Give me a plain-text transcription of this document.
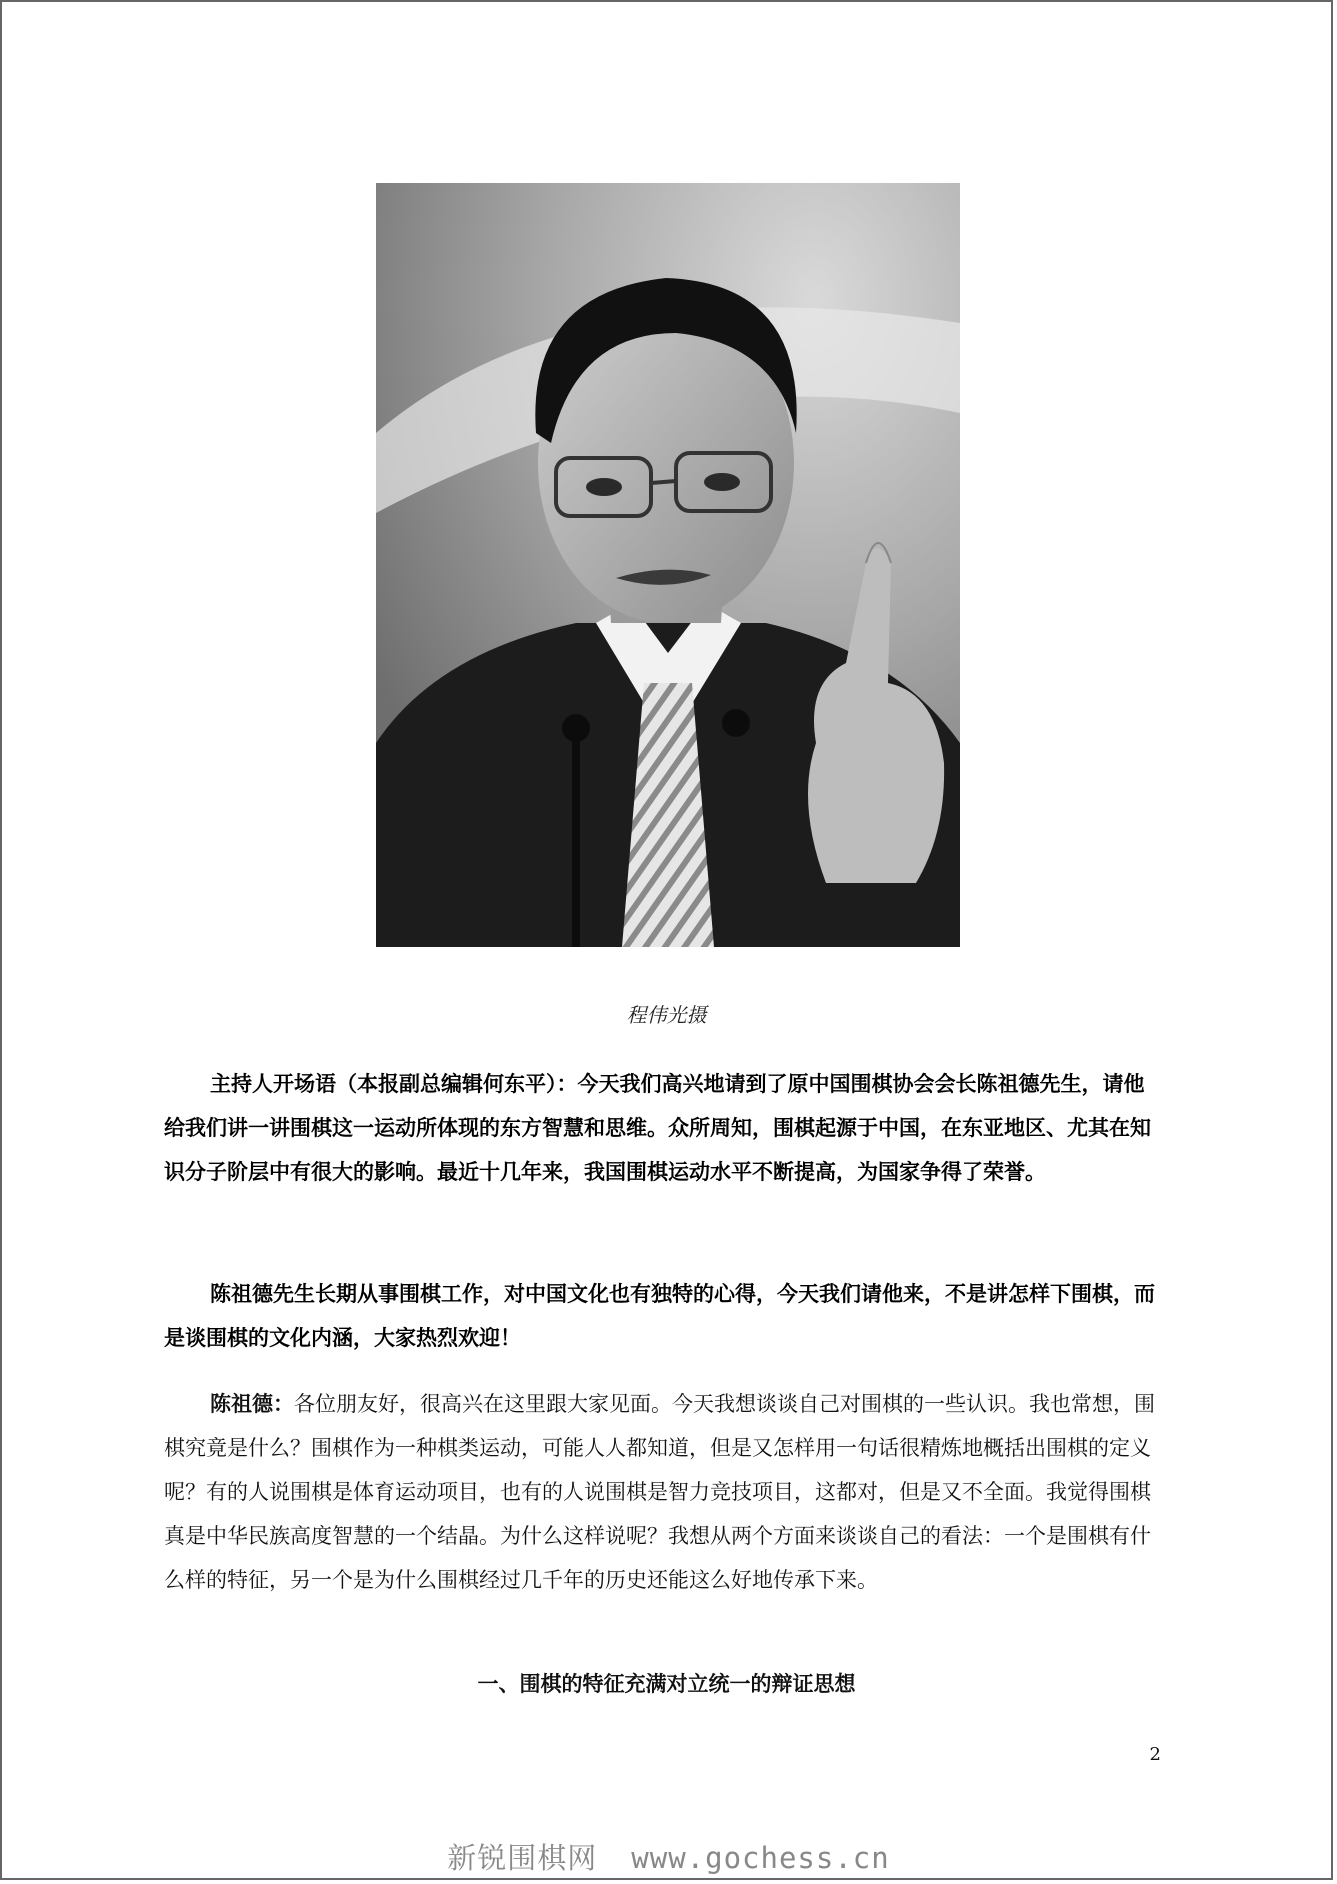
程伟光摄

主持人开场语（本报副总编辑何东平）：今天我们高兴地请到了原中国围棋协会会长陈祖德先生，请他给我们讲一讲围棋这一运动所体现的东方智慧和思维。众所周知，围棋起源于中国，在东亚地区、尤其在知识分子阶层中有很大的影响。最近十几年来，我国围棋运动水平不断提高，为国家争得了荣誉。

陈祖德先生长期从事围棋工作，对中国文化也有独特的心得，今天我们请他来，不是讲怎样下围棋，而是谈围棋的文化内涵，大家热烈欢迎！

陈祖德：各位朋友好，很高兴在这里跟大家见面。今天我想谈谈自己对围棋的一些认识。我也常想，围棋究竟是什么？围棋作为一种棋类运动，可能人人都知道，但是又怎样用一句话很精炼地概括出围棋的定义呢？有的人说围棋是体育运动项目，也有的人说围棋是智力竞技项目，这都对，但是又不全面。我觉得围棋真是中华民族高度智慧的一个结晶。为什么这样说呢？我想从两个方面来谈谈自己的看法：一个是围棋有什么样的特征，另一个是为什么围棋经过几千年的历史还能这么好地传承下来。

一、围棋的特征充满对立统一的辩证思想
2
新锐围棋网 www.gochess.cn
